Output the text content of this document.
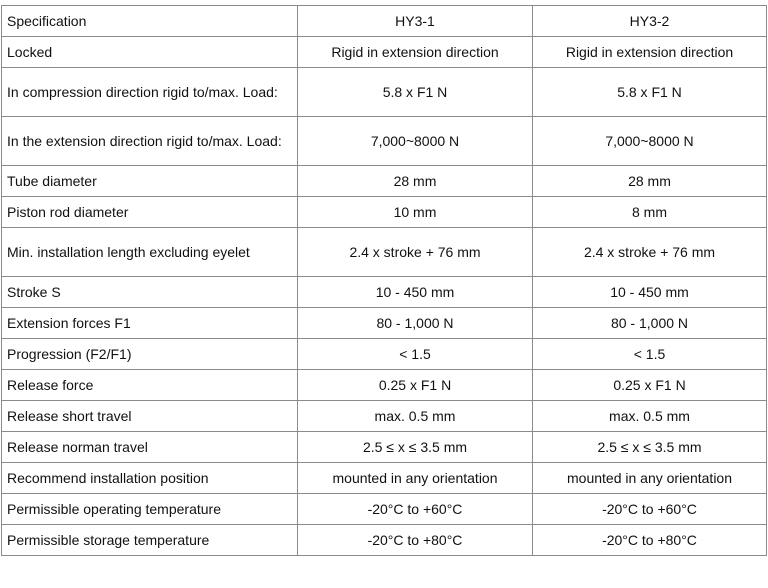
Specification	HY3-1	HY3-2
Locked	Rigid in extension direction	Rigid in extension direction
In compression direction rigid to/max. Load:	5.8 x F1 N	5.8 x F1 N
In the extension direction rigid to/max. Load:	7,000~8000 N	7,000~8000 N
Tube diameter	28 mm	28 mm
Piston rod diameter	10 mm	8 mm
Min. installation length excluding eyelet	2.4 x stroke + 76 mm	2.4 x stroke + 76 mm
Stroke S	10 - 450 mm	10 - 450 mm
Extension forces F1	80 - 1,000 N	80 - 1,000 N
Progression (F2/F1)	< 1.5	< 1.5
Release force	0.25 x F1 N	0.25 x F1 N
Release short travel	max. 0.5 mm	max. 0.5 mm
Release norman travel	2.5 ≤ x ≤ 3.5 mm	2.5 ≤ x ≤ 3.5 mm
Recommend installation position	mounted in any orientation	mounted in any orientation
Permissible operating temperature	-20°C to +60°C	-20°C to +60°C
Permissible storage temperature	-20°C to +80°C	-20°C to +80°C
